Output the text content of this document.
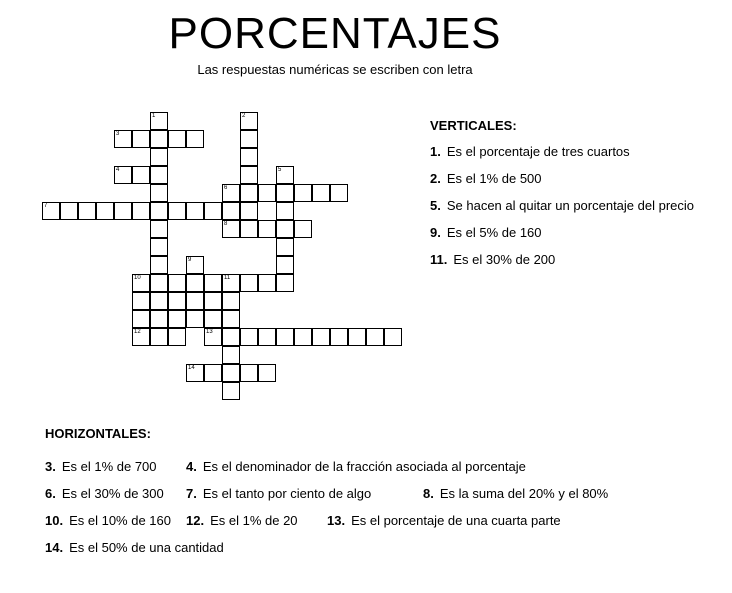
PORCENTAJES
Las respuestas numéricas se escriben con letra
1	2
3
4	5
6
7
8
9
10	11
12	13
14
VERTICALES:
1. Es el porcentaje de tres cuartos
2. Es el 1% de 500
5. Se hacen al quitar un porcentaje del precio
9. Es el 5% de 160
11. Es el 30% de 200
HORIZONTALES:
3. Es el 1% de 700 4. Es el denominador de la fracción asociada al porcentaje
6. Es el 30% de 300 7. Es el tanto por ciento de algo	8. Es la suma del 20% y el 80%
10. Es el 10% de 160 12. Es el 1% de 20 13. Es el porcentaje de una cuarta parte
14. Es el 50% de una cantidad
